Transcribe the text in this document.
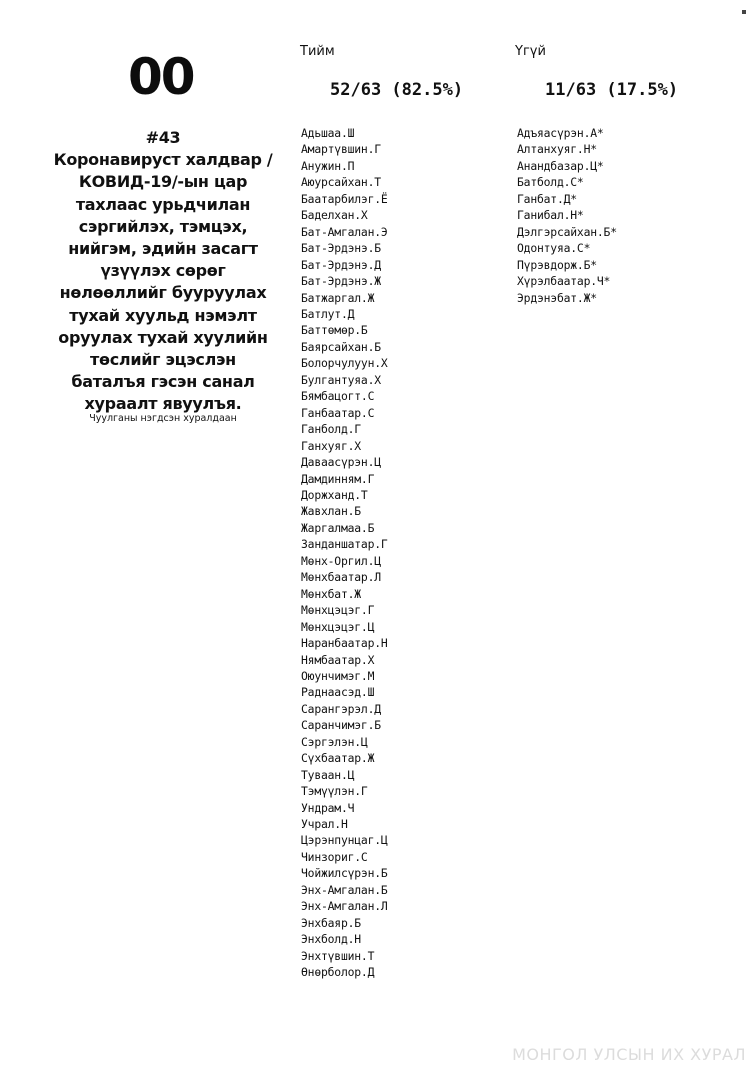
00	Тийм	Үгүй
52/63 (82.5%)	11/63 (17.5%)
#43
Коронавируст халдвар / КОВИД-19/-ын цар тахлаас урьдчилан сэргийлэх, тэмцэх, нийгэм, эдийн засагт үзүүлэх сөрөг нөлөөллийг бууруулах тухай хуульд нэмэлт оруулах тухай хуулийн төслийг эцэслэн баталъя гэсэн санал хураалт явуулъя.
Чуулганы нэгдсэн хуралдаан
Адьшаа.Ш
Амартүвшин.Г
Анужин.П
Аюурсайхан.Т
Баатарбилэг.Ё
Баделхан.Х
Бат-Амгалан.Э
Бат-Эрдэнэ.Б
Бат-Эрдэнэ.Д
Бат-Эрдэнэ.Ж
Батжаргал.Ж
Батлут.Д
Баттөмөр.Б
Баярсайхан.Б
Болорчулуун.Х
Булгантуяа.Х
Бямбацогт.С
Ганбаатар.С
Ганболд.Г
Ганхуяг.Х
Даваасүрэн.Ц
Дамдинням.Г
Доржханд.Т
Жавхлан.Б
Жаргалмаа.Б
Занданшатар.Г
Мөнх-Оргил.Ц
Мөнхбаатар.Л
Мөнхбат.Ж
Мөнхцэцэг.Г
Мөнхцэцэг.Ц
Наранбаатар.Н
Нямбаатар.Х
Оюунчимэг.М
Раднаасэд.Ш
Сарангэрэл.Д
Саранчимэг.Б
Сэргэлэн.Ц
Сүхбаатар.Ж
Туваан.Ц
Тэмүүлэн.Г
Ундрам.Ч
Учрал.Н
Цэрэнпунцаг.Ц
Чинзориг.С
Чойжилсүрэн.Б
Энх-Амгалан.Б
Энх-Амгалан.Л
Энхбаяр.Б
Энхболд.Н
Энхтүвшин.Т
Өнөрболор.Д
Адъяасүрэн.А*
Алтанхуяг.Н*
Анандбазар.Ц*
Батболд.С*
Ганбат.Д*
Ганибал.Н*
Дэлгэрсайхан.Б*
Одонтуяа.С*
Пүрэвдорж.Б*
Хүрэлбаатар.Ч*
Эрдэнэбат.Ж*
МОНГОЛ УЛСЫН ИХ ХУРАЛ
